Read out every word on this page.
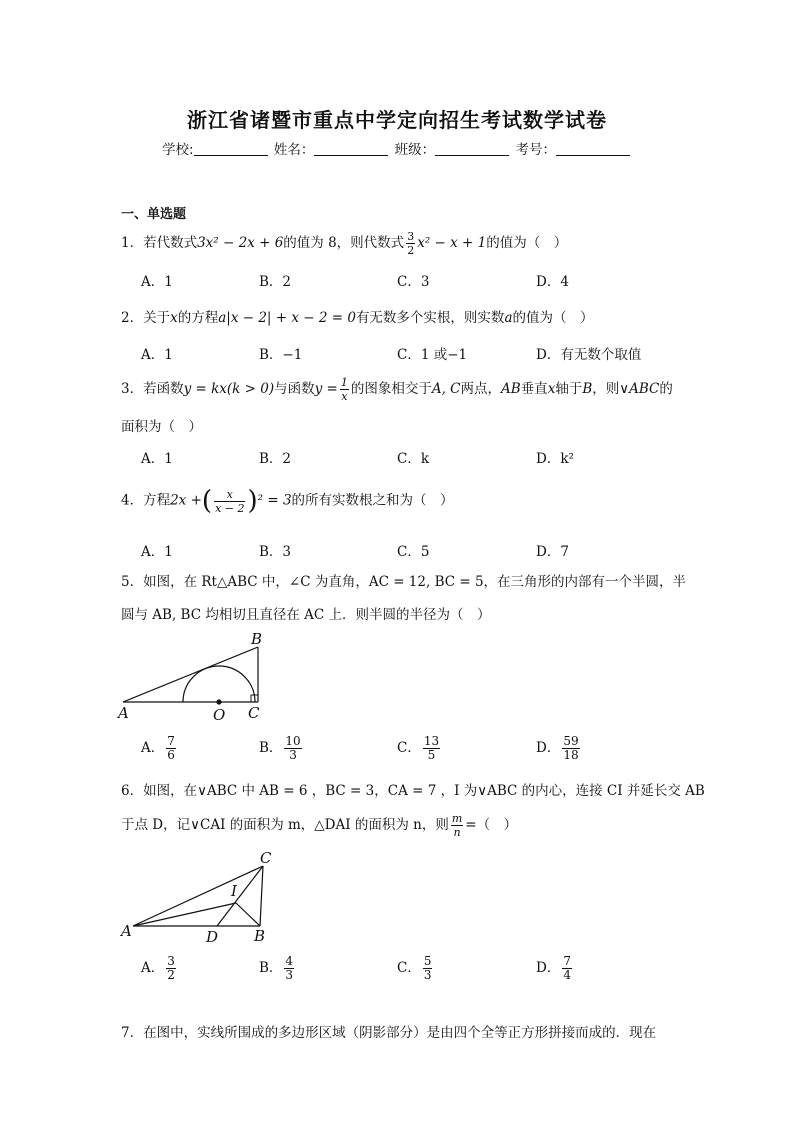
浙江省诸暨市重点中学定向招生考试数学试卷
学校:	姓名：	班级：	考号：
一、单选题
1．若代数式3x² − 2x + 6的值为 8，则代数式 $\frac{3}{2} x^2 - x + 1$的值为（　）
A．1	B．2	C．3	D．4
2．关于x的方程a|x − 2| + x − 2 = 0有无数多个实根，则实数a的值为（　）
A．1	B．−1	C．1 或−1	D．有无数个取值
3．若函数y = kx(k > 0)与函数$y = \frac{1}{x}$ 的图象相交于A, C两点，AB垂直x轴于B，则∨ABC的
面积为（　）
A．1	B．2	C．k	D．k²
4．方程2x +( $\frac{x}{x - 2} )^2 = 3$的所有实数根之和为（　）
A．1	B．3	C．5	D．7
5．如图，在 Rt△ABC 中，∠C 为直角，AC = 12, BC = 5，在三角形的内部有一个半圆，半
圆与 AB, BC 均相切且直径在 AC 上．则半圆的半径为（　）
A
B
C
O
A． $\frac{7}{6}$	B． $\frac{10}{3}$	C． $\frac{13}{5}$	D． $\frac{59}{18}$
6．如图，在∨ABC 中 AB = 6 ，BC = 3，CA = 7 ，I 为∨ABC 的内心，连接 CI 并延长交 AB
于点 D，记∨CAI 的面积为 m，△DAI 的面积为 n，则 $\frac{m}{n}$ =（　）
A	B
C
D
I
A． $\frac{3}{2}$	B． $\frac{4}{3}$	C． $\frac{5}{3}$	D． $\frac{7}{4}$
7．在图中，实线所围成的多边形区域（阴影部分）是由四个全等正方形拼接而成的．现在
